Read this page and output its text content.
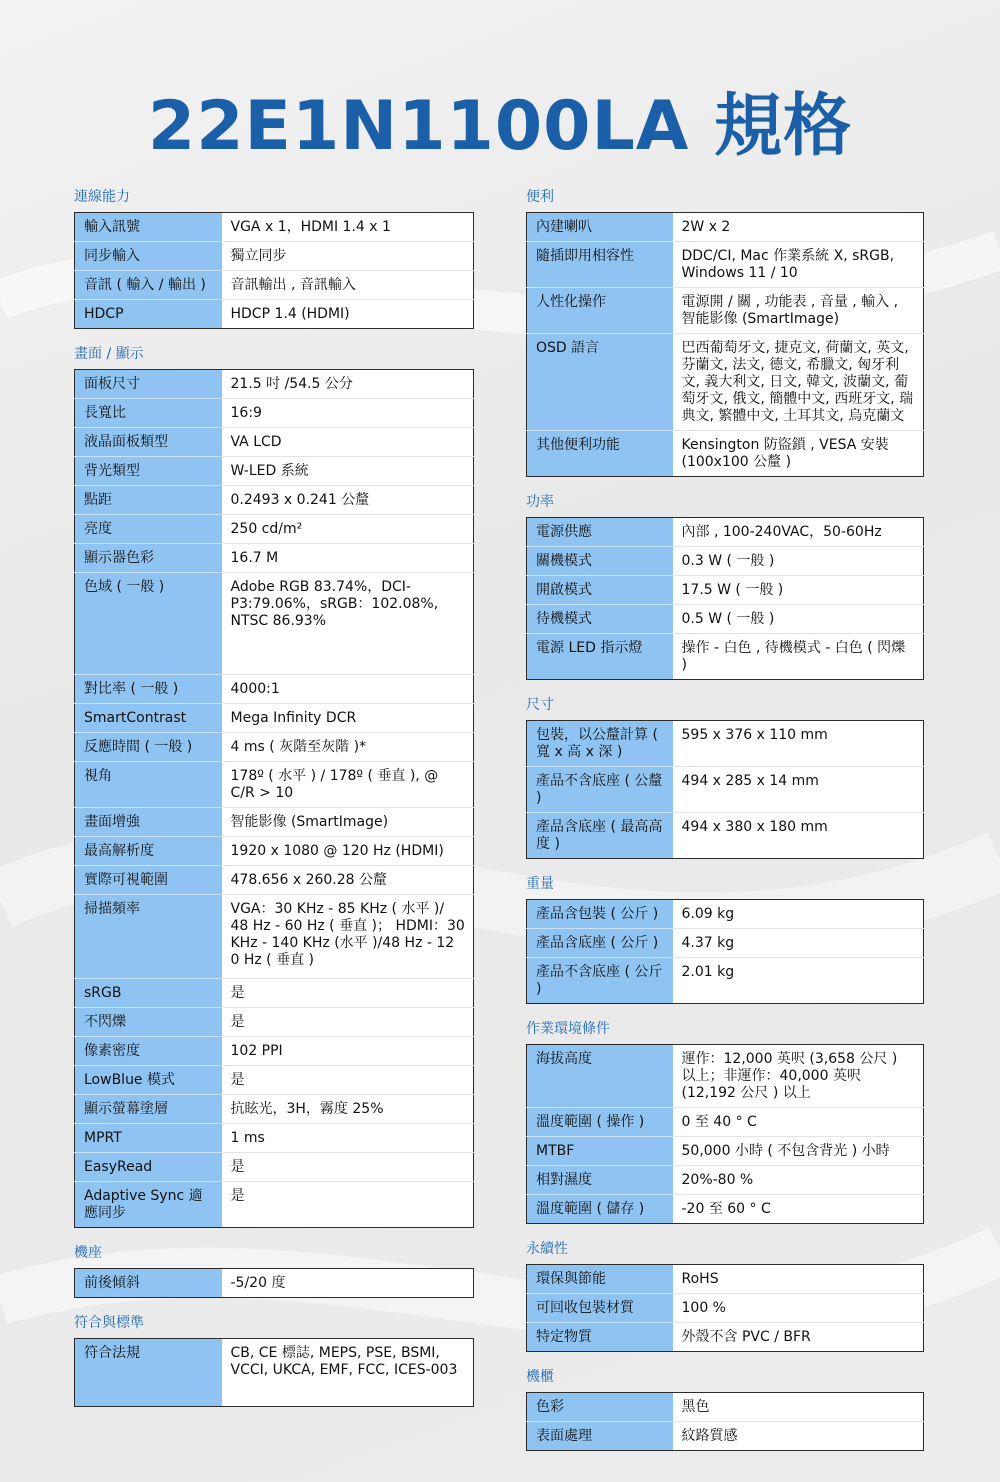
22E1N1100LA 規格
連線能力
輸入訊號	VGA x 1，HDMI 1.4 x 1
同步輸入	獨立同步
音訊 ( 輸入 / 輸出 )	音訊輸出 , 音訊輸入
HDCP	HDCP 1.4 (HDMI)
畫面 / 顯示
面板尺寸	21.5 吋 /54.5 公分
長寬比	16:9
液晶面板類型	VA LCD
背光類型	W-LED 系統
點距	0.2493 x 0.241 公釐
亮度	250 cd/m²
顯示器色彩	16.7 M
色域 ( 一般 )	Adobe RGB 83.74%，DCI-P3:79.06%，sRGB：102.08%, NTSC 86.93%
對比率 ( 一般 )	4000:1
SmartContrast	Mega Infinity DCR
反應時間 ( 一般 )	4 ms ( 灰階至灰階 )*
視角	178º ( 水平 ) / 178º ( 垂直 ), @ C/R > 10
畫面增強	智能影像 (SmartImage)
最高解析度	1920 x 1080 @ 120 Hz (HDMI)
實際可視範圍	478.656 x 260.28 公釐
掃描頻率	VGA：30 KHz - 85 KHz ( 水平 )/ 48 Hz - 60 Hz ( 垂直 )； HDMI：30 KHz - 140 KHz (水平 )/48 Hz - 12 0 Hz ( 垂直 )
sRGB	是
不閃爍	是
像素密度	102 PPI
LowBlue 模式	是
顯示螢幕塗層	抗眩光，3H，霧度 25%
MPRT	1 ms
EasyRead	是
Adaptive Sync 適應同步	是
機座
前後傾斜	-5/20 度
符合與標準
符合法規	CB, CE 標誌, MEPS, PSE, BSMI, VCCI, UKCA, EMF, FCC, ICES-003
便利
內建喇叭	2W x 2
隨插即用相容性	DDC/CI, Mac 作業系統 X, sRGB, Windows 11 / 10
人性化操作	電源開 / 關 , 功能表 , 音量 , 輸入 , 智能影像 (SmartImage)
OSD 語言	巴西葡萄牙文, 捷克文, 荷蘭文, 英文, 芬蘭文, 法文, 德文, 希臘文, 匈牙利文, 義大利文, 日文, 韓文, 波蘭文, 葡萄牙文, 俄文, 簡體中文, 西班牙文, 瑞典文, 繁體中文, 土耳其文, 烏克蘭文
其他便利功能	Kensington 防盜鎖 , VESA 安裝 (100x100 公釐 )
功率
電源供應	內部 , 100-240VAC，50-60Hz
關機模式	0.3 W ( 一般 )
開啟模式	17.5 W ( 一般 )
待機模式	0.5 W ( 一般 )
電源 LED 指示燈	操作 - 白色 , 待機模式 - 白色 ( 閃爍 )
尺寸
包裝，以公釐計算 ( 寬 x 高 x 深 )	595 x 376 x 110 mm
產品不含底座 ( 公釐 )	494 x 285 x 14 mm
產品含底座 ( 最高高度 )	494 x 380 x 180 mm
重量
產品含包裝 ( 公斤 )	6.09 kg
產品含底座 ( 公斤 )	4.37 kg
產品不含底座 ( 公斤 )	2.01 kg
作業環境條件
海拔高度	運作：12,000 英呎 (3,658 公尺 ) 以上；非運作：40,000 英呎 (12,192 公尺 ) 以上
溫度範圍 ( 操作 )	0 至 40 ° C
MTBF	50,000 小時 ( 不包含背光 ) 小時
相對濕度	20%-80 %
溫度範圍 ( 儲存 )	-20 至 60 ° C
永續性
環保與節能	RoHS
可回收包裝材質	100 %
特定物質	外殼不含 PVC / BFR
機櫃
色彩	黑色
表面處理	紋路質感
